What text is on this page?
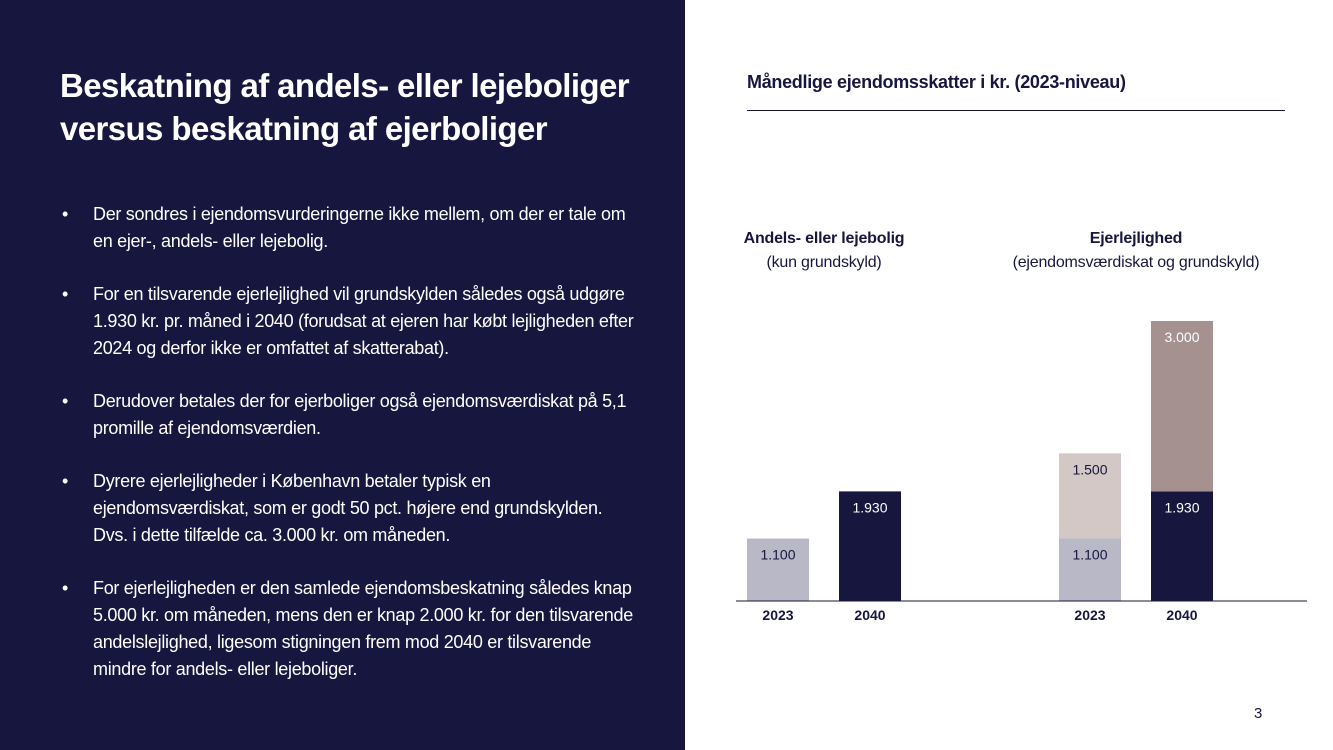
Beskatning af andels- eller lejeboliger
versus beskatning af ejerboliger
• Der sondres i ejendomsvurderingerne ikke mellem, om der er tale om en ejer-, andels- eller lejebolig.
• For en tilsvarende ejerlejlighed vil grundskylden således også udgøre 1.930 kr. pr. måned i 2040 (forudsat at ejeren har købt lejligheden efter 2024 og derfor ikke er omfattet af skatterabat).
• Derudover betales der for ejerboliger også ejendomsværdiskat på 5,1 promille af ejendomsværdien.
• Dyrere ejerlejligheder i København betaler typisk en ejendomsværdiskat, som er godt 50 pct. højere end grundskylden. Dvs. i dette tilfælde ca. 3.000 kr. om måneden.
• For ejerlejligheden er den samlede ejendomsbeskatning således knap 5.000 kr. om måneden, mens den er knap 2.000 kr. for den tilsvarende andelslejlighed, ligesom stigningen frem mod 2040 er tilsvarende mindre for andels- eller lejeboliger.
Månedlige ejendomsskatter i kr. (2023-niveau)
Andels- eller lejebolig
(kun grundskyld)
Ejerlejlighed
(ejendomsværdiskat og grundskyld)
1.100
2023
1.930
2040
1.100
1.500
2023
1.930
3.000
2040
3
